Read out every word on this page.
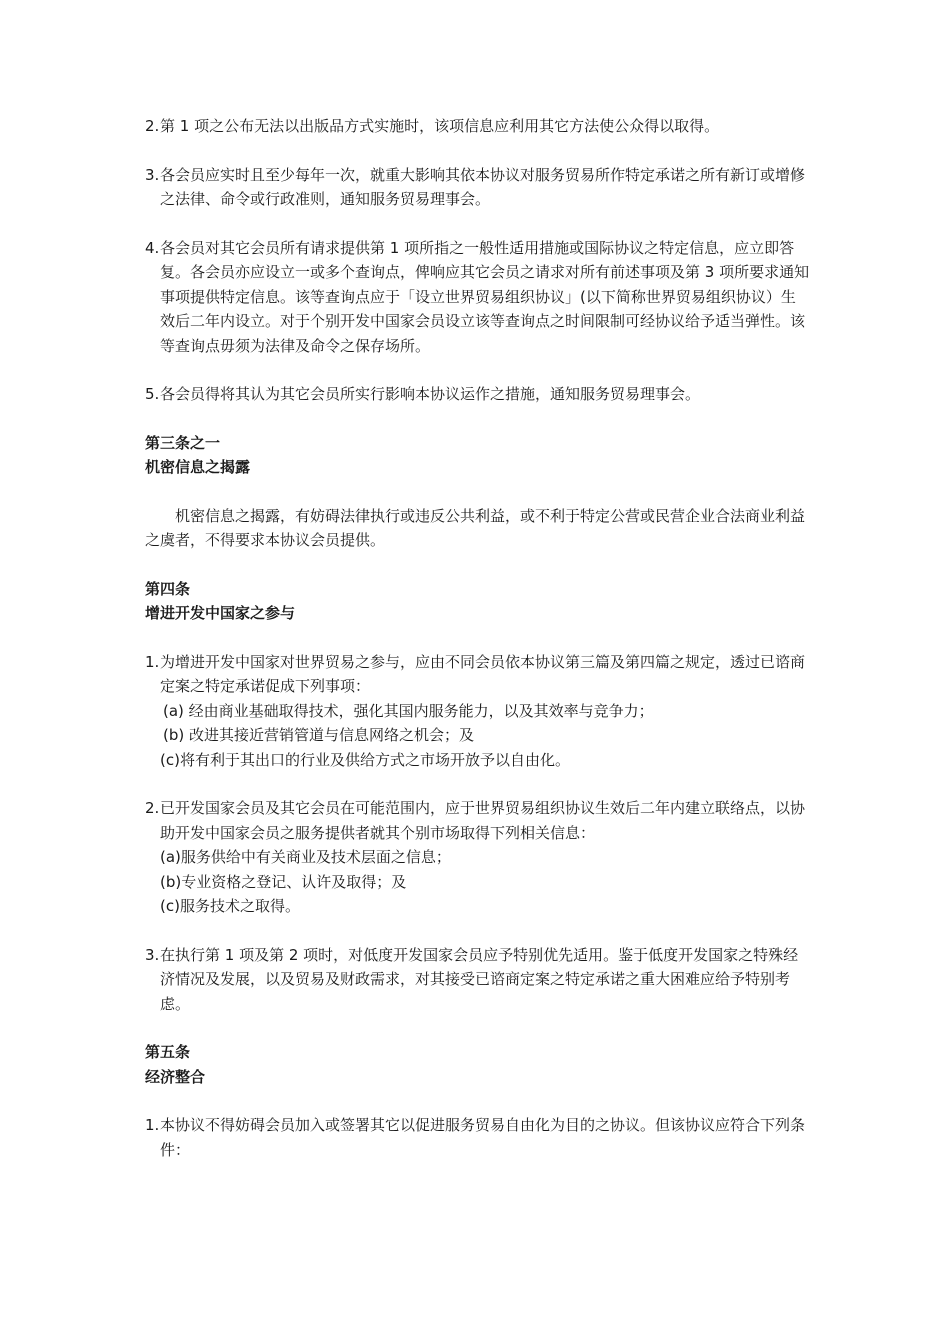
2.第 1 项之公布无法以出版品方式实施时，该项信息应利用其它方法使公众得以取得。

3.各会员应实时且至少每年一次，就重大影响其依本协议对服务贸易所作特定承诺之所有新订或增修之法律、命令或行政准则，通知服务贸易理事会。

4.各会员对其它会员所有请求提供第 1 项所指之一般性适用措施或国际协议之特定信息，应立即答复。各会员亦应设立一或多个查询点，俾响应其它会员之请求对所有前述事项及第 3 项所要求通知事项提供特定信息。该等查询点应于「设立世界贸易组织协议」(以下简称世界贸易组织协议）生效后二年内设立。对于个别开发中国家会员设立该等查询点之时间限制可经协议给予适当弹性。该等查询点毋须为法律及命令之保存场所。

5.各会员得将其认为其它会员所实行影响本协议运作之措施，通知服务贸易理事会。

第三条之一

机密信息之揭露

机密信息之揭露，有妨碍法律执行或违反公共利益，或不利于特定公营或民营企业合法商业利益之虞者，不得要求本协议会员提供。

第四条

增进开发中国家之参与

1.为增进开发中国家对世界贸易之参与，应由不同会员依本协议第三篇及第四篇之规定，透过已谘商定案之特定承诺促成下列事项：
(a) 经由商业基础取得技术，强化其国内服务能力，以及其效率与竞争力；
(b) 改进其接近营销管道与信息网络之机会；及
(c)将有利于其出口的行业及供给方式之市场开放予以自由化。
2.已开发国家会员及其它会员在可能范围内，应于世界贸易组织协议生效后二年内建立联络点，以协助开发中国家会员之服务提供者就其个别市场取得下列相关信息：
(a)服务供给中有关商业及技术层面之信息；
(b)专业资格之登记、认许及取得；及
(c)服务技术之取得。

3.在执行第 1 项及第 2 项时，对低度开发国家会员应予特别优先适用。鉴于低度开发国家之特殊经济情况及发展，以及贸易及财政需求，对其接受已谘商定案之特定承诺之重大困难应给予特别考虑。

第五条

经济整合

1.本协议不得妨碍会员加入或签署其它以促进服务贸易自由化为目的之协议。但该协议应符合下列条件：
